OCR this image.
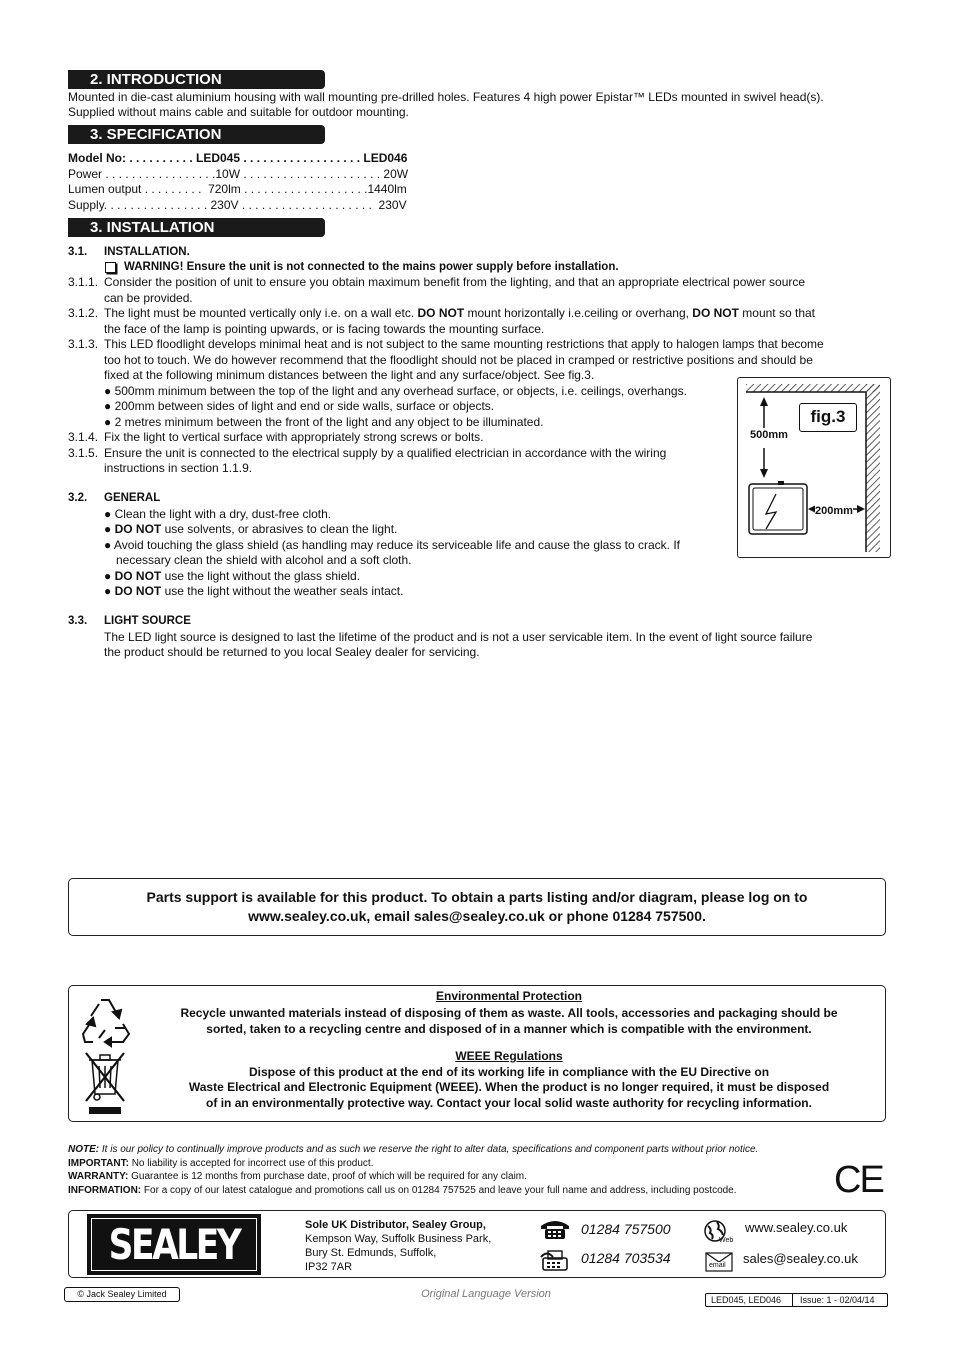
2. INTRODUCTION
Mounted in die-cast aluminium housing with wall mounting pre-drilled holes. Features 4 high power Epistar™ LEDs mounted in swivel head(s).
Supplied without mains cable and suitable for outdoor mounting.
3. SPECIFICATION
Model No: . . . . . . . . . . LED045 . . . . . . . . . . . . . . . . . . LED046
Power . . . . . . . . . . . . . . . . .10W . . . . . . . . . . . . . . . . . . . . . 20W
Lumen output . . . . . . . . .  720lm . . . . . . . . . . . . . . . . . . .1440lm
Supply. . . . . . . . . . . . . . . . 230V . . . . . . . . . . . . . . . . . . . .  230V
3. INSTALLATION
3.1. INSTALLATION.
WARNING! Ensure the unit is not connected to the mains power supply before installation.
3.1.1. Consider the position of unit to ensure you obtain maximum benefit from the lighting, and that an appropriate electrical power source
can be provided.
3.1.2. The light must be mounted vertically only i.e. on a wall etc. DO NOT mount horizontally i.e.ceiling or overhang, DO NOT mount so that
the face of the lamp is pointing upwards, or is facing towards the mounting surface.
3.1.3. This LED floodlight develops minimal heat and is not subject to the same mounting restrictions that apply to halogen lamps that become
too hot to touch. We do however recommend that the floodlight should not be placed in cramped or restrictive positions and should be
fixed at the following minimum distances between the light and any surface/object. See fig.3.
● 500mm minimum between the top of the light and any overhead surface, or objects, i.e. ceilings, overhangs.
● 200mm between sides of light and end or side walls, surface or objects.
● 2 metres minimum between the front of the light and any object to be illuminated.
3.1.4. Fix the light to vertical surface with appropriately strong screws or bolts.
3.1.5. Ensure the unit is connected to the electrical supply by a qualified electrician in accordance with the wiring
instructions in section 1.1.9.
3.2. GENERAL
● Clean the light with a dry, dust-free cloth.
● DO NOT use solvents, or abrasives to clean the light.
● Avoid touching the glass shield (as handling may reduce its serviceable life and cause the glass to crack. If
necessary clean the shield with alcohol and a soft cloth.
● DO NOT use the light without the glass shield.
● DO NOT use the light without the weather seals intact.
3.3. LIGHT SOURCE
The LED light source is designed to last the lifetime of the product and is not a user servicable item. In the event of light source failure
the product should be returned to you local Sealey dealer for servicing.
fig.3
500mm
200mm
Parts support is available for this product. To obtain a parts listing and/or diagram, please log on to
www.sealey.co.uk, email sales@sealey.co.uk or phone 01284 757500.
Environmental Protection
Recycle unwanted materials instead of disposing of them as waste. All tools, accessories and packaging should be
sorted, taken to a recycling centre and disposed of in a manner which is compatible with the environment.
WEEE Regulations
Dispose of this product at the end of its working life in compliance with the EU Directive on
Waste Electrical and Electronic Equipment (WEEE). When the product is no longer required, it must be disposed
of in an environmentally protective way. Contact your local solid waste authority for recycling information.
NOTE: It is our policy to continually improve products and as such we reserve the right to alter data, specifications and component parts without prior notice.
IMPORTANT: No liability is accepted for incorrect use of this product.
WARRANTY: Guarantee is 12 months from purchase date, proof of which will be required for any claim.
INFORMATION: For a copy of our latest catalogue and promotions call us on 01284 757525 and leave your full name and address, including postcode.	CE
SEALEY	Sole UK Distributor, Sealey Group,
Kempson Way, Suffolk Business Park,
Bury St. Edmunds, Suffolk,
IP32 7AR
01284 757500
01284 703534
Web
www.sealey.co.uk
email sales@sealey.co.uk
© Jack Sealey Limited	Original Language Version	LED045, LED046 Issue: 1 - 02/04/14
